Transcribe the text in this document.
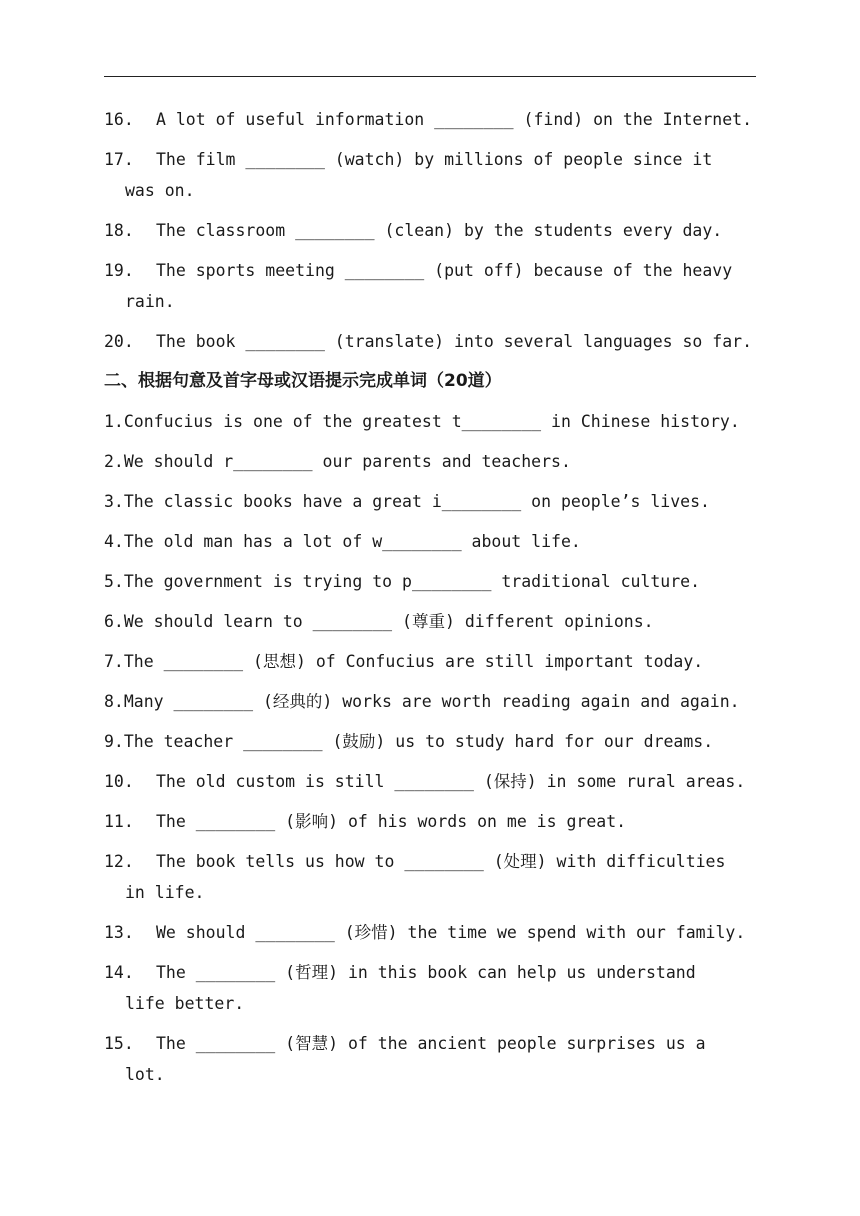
16. A lot of useful information ________ (find) on the Internet.
17. The film ________ (watch) by millions of people since it
was on.
18. The classroom ________ (clean) by the students every day.
19. The sports meeting ________ (put off) because of the heavy
rain.
20. The book ________ (translate) into several languages so far.
二、根据句意及首字母或汉语提示完成单词（20道）
1.Confucius is one of the greatest t________ in Chinese history.
2.We should r________ our parents and teachers.
3.The classic books have a great i________ on people’s lives.
4.The old man has a lot of w________ about life.
5.The government is trying to p________ traditional culture.
6.We should learn to ________ (尊重) different opinions.
7.The ________ (思想) of Confucius are still important today.
8.Many ________ (经典的) works are worth reading again and again.
9.The teacher ________ (鼓励) us to study hard for our dreams.
10. The old custom is still ________ (保持) in some rural areas.
11. The ________ (影响) of his words on me is great.
12. The book tells us how to ________ (处理) with difficulties
in life.
13. We should ________ (珍惜) the time we spend with our family.
14. The ________ (哲理) in this book can help us understand
life better.
15. The ________ (智慧) of the ancient people surprises us a
lot.
